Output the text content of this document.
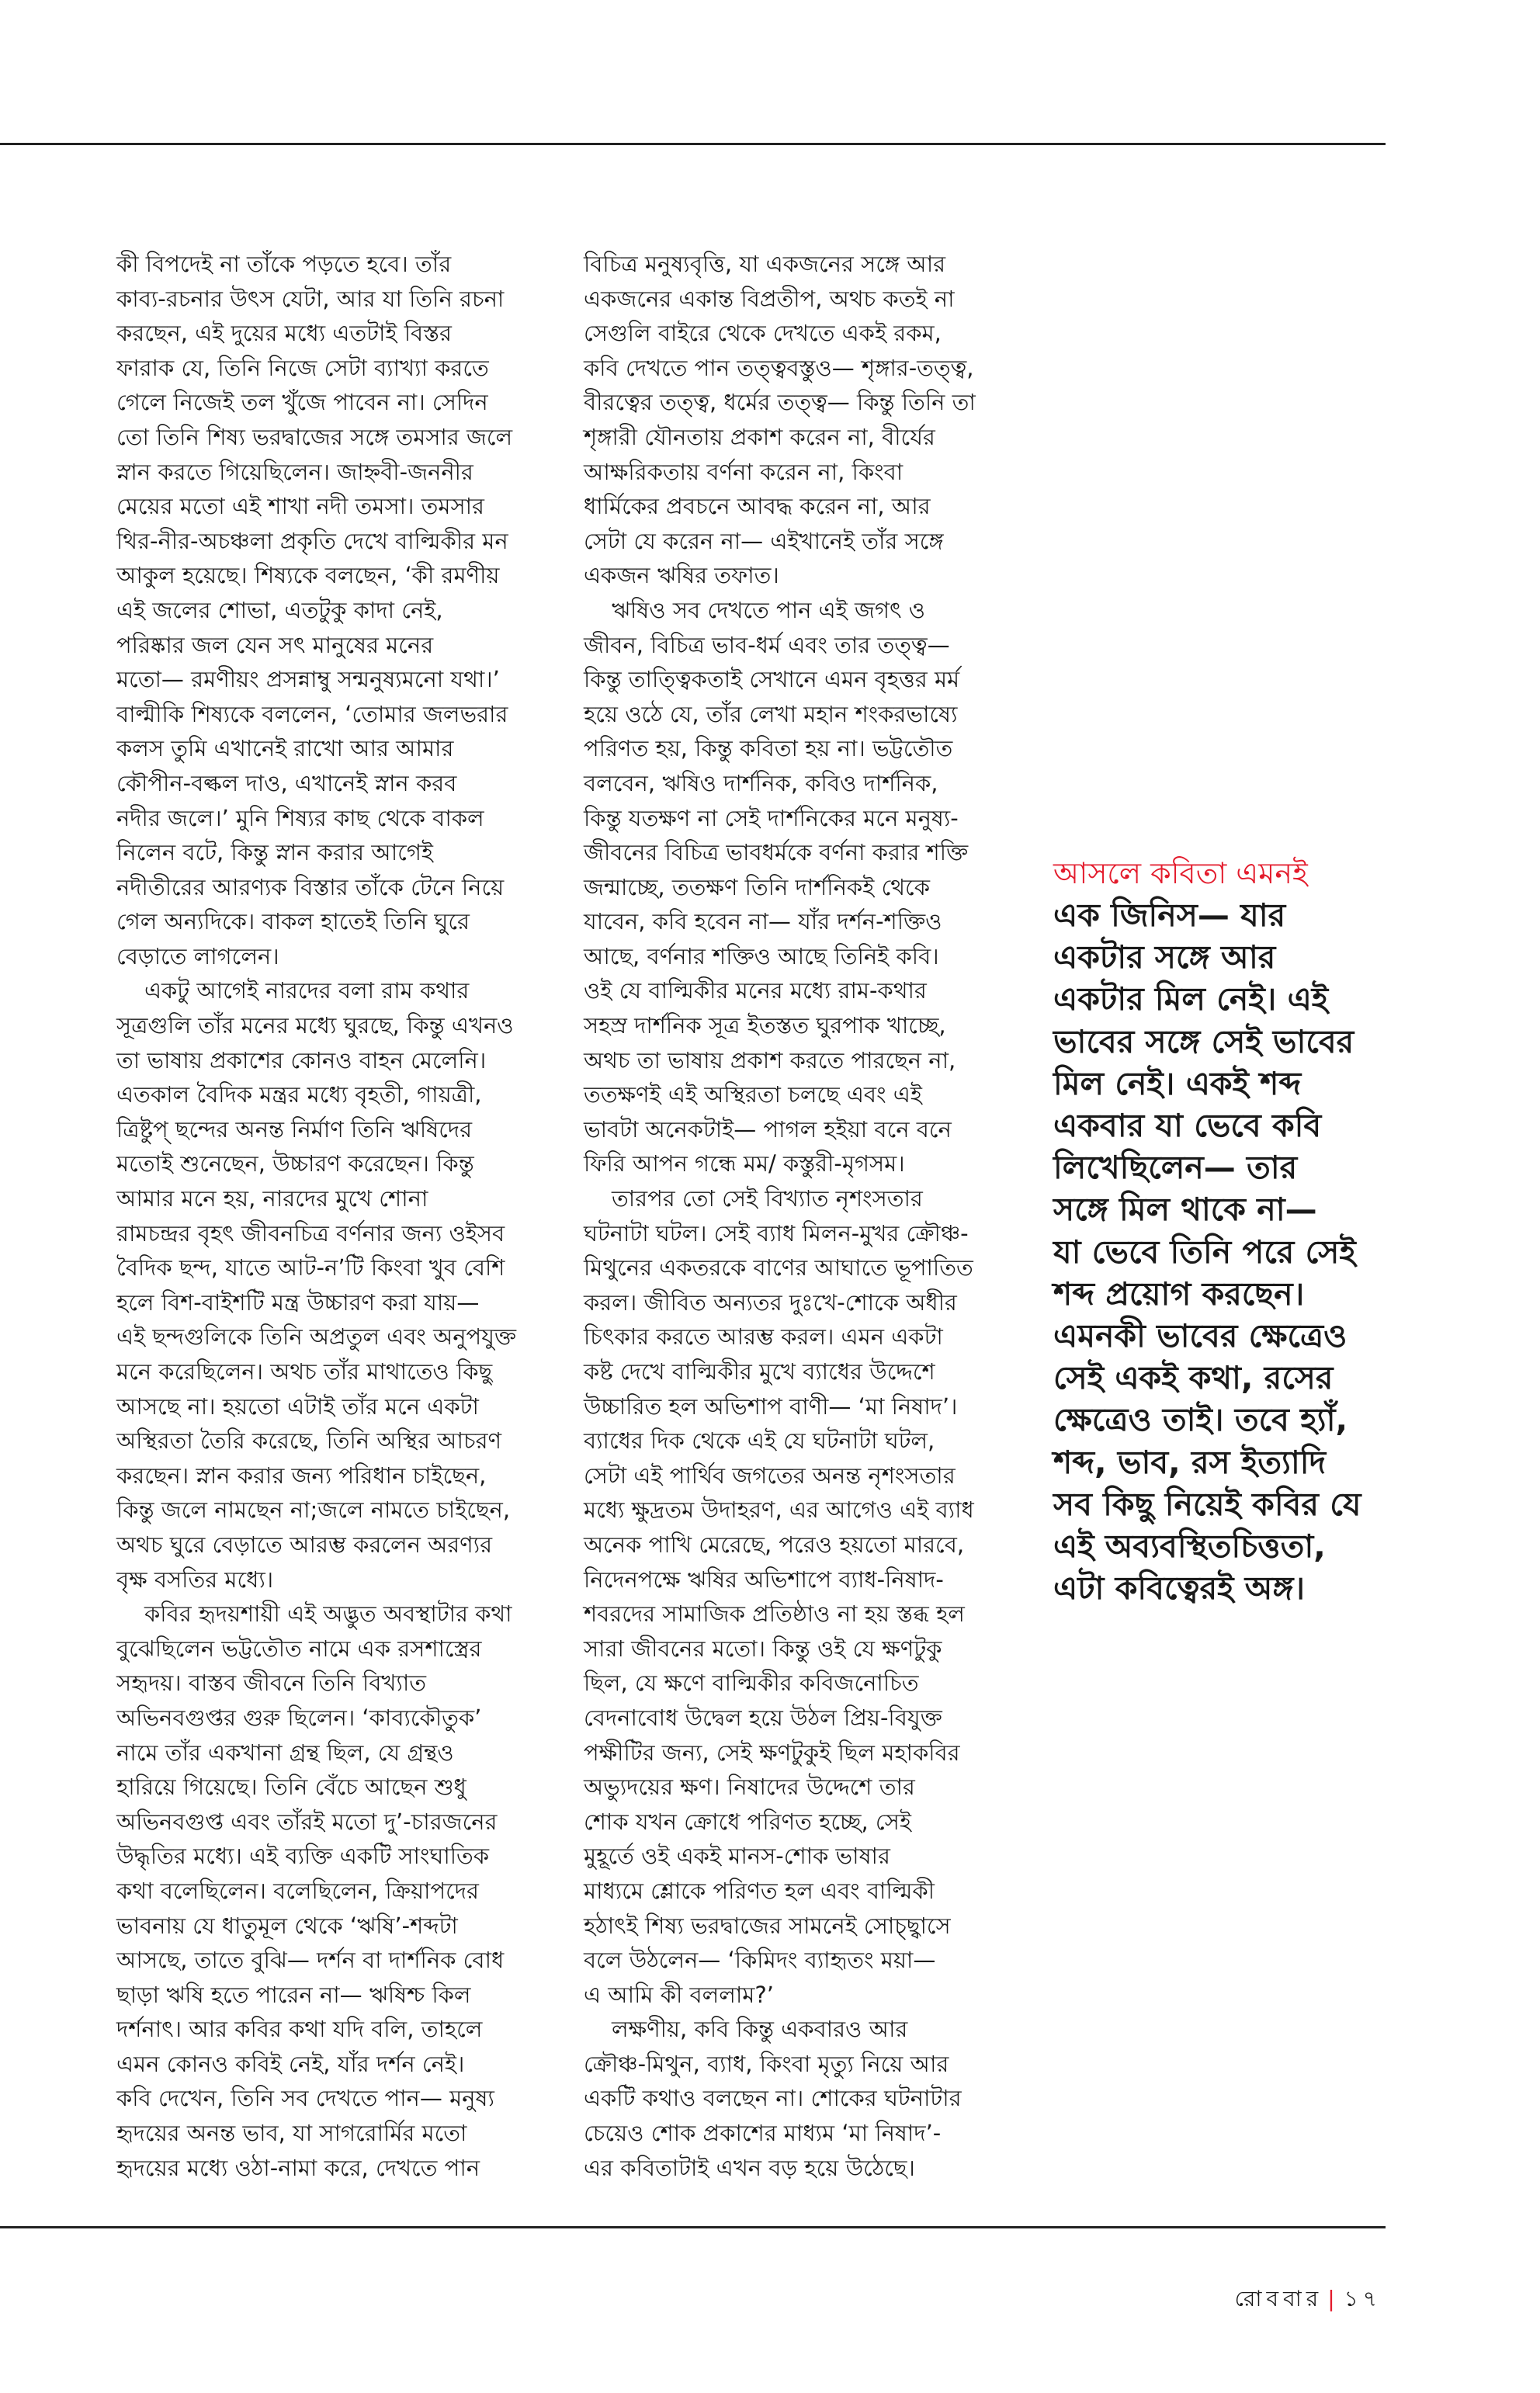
কী বিপদেই না তাঁকে পড়তে হবে। তাঁর
কাব্য-রচনার উৎস যেটা, আর যা তিনি রচনা
করছেন, এই দুয়ের মধ্যে এতটাই বিস্তর
ফারাক যে, তিনি নিজে সেটা ব্যাখ্যা করতে
গেলে নিজেই তল খুঁজে পাবেন না। সেদিন
তো তিনি শিষ্য ভরদ্বাজের সঙ্গে তমসার জলে
স্নান করতে গিয়েছিলেন। জাহ্নবী-জননীর
মেয়ের মতো এই শাখা নদী তমসা। তমসার
থির-নীর-অচঞ্চলা প্রকৃতি দেখে বাল্মিকীর মন
আকুল হয়েছে। শিষ্যকে বলছেন, ‘কী রমণীয়
এই জলের শোভা, এতটুকু কাদা নেই,
পরিষ্কার জল যেন সৎ মানুষের মনের
মতো— রমণীয়ং প্রসন্নাম্বু সন্মনুষ্যমনো যথা।’
বাল্মীকি শিষ্যকে বললেন, ‘তোমার জলভরার
কলস তুমি এখানেই রাখো আর আমার
কৌপীন-বল্কল দাও, এখানেই স্নান করব
নদীর জলে।’ মুনি শিষ্যর কাছ থেকে বাকল
নিলেন বটে, কিন্তু স্নান করার আগেই
নদীতীরের আরণ্যক বিস্তার তাঁকে টেনে নিয়ে
গেল অন্যদিকে। বাকল হাতেই তিনি ঘুরে
বেড়াতে লাগলেন।
একটু আগেই নারদের বলা রাম কথার
সূত্রগুলি তাঁর মনের মধ্যে ঘুরছে, কিন্তু এখনও
তা ভাষায় প্রকাশের কোনও বাহন মেলেনি।
এতকাল বৈদিক মন্ত্রর মধ্যে বৃহতী, গায়ত্রী,
ত্রিষ্টুপ্ ছন্দের অনন্ত নির্মাণ তিনি ঋষিদের
মতোই শুনেছেন, উচ্চারণ করেছেন। কিন্তু
আমার মনে হয়, নারদের মুখে শোনা
রামচন্দ্রর বৃহৎ জীবনচিত্র বর্ণনার জন্য ওইসব
বৈদিক ছন্দ, যাতে আট-ন’টি কিংবা খুব বেশি
হলে বিশ-বাইশটি মন্ত্র উচ্চারণ করা যায়—
এই ছন্দগুলিকে তিনি অপ্রতুল এবং অনুপযুক্ত
মনে করেছিলেন। অথচ তাঁর মাথাতেও কিছু
আসছে না। হয়তো এটাই তাঁর মনে একটা
অস্থিরতা তৈরি করেছে, তিনি অস্থির আচরণ
করছেন। স্নান করার জন্য পরিধান চাইছেন,
কিন্তু জলে নামছেন না;জলে নামতে চাইছেন,
অথচ ঘুরে বেড়াতে আরম্ভ করলেন অরণ্যর
বৃক্ষ বসতির মধ্যে।
কবির হৃদয়শায়ী এই অদ্ভুত অবস্থাটার কথা
বুঝেছিলেন ভট্টতৌত নামে এক রসশাস্ত্রের
সহৃদয়। বাস্তব জীবনে তিনি বিখ্যাত
অভিনবগুপ্তর গুরু ছিলেন। ‘কাব্যকৌতুক’
নামে তাঁর একখানা গ্রন্থ ছিল, যে গ্রন্থও
হারিয়ে গিয়েছে। তিনি বেঁচে আছেন শুধু
অভিনবগুপ্ত এবং তাঁরই মতো দু’-চারজনের
উদ্ধৃতির মধ্যে। এই ব্যক্তি একটি সাংঘাতিক
কথা বলেছিলেন। বলেছিলেন, ক্রিয়াপদের
ভাবনায় যে ধাতুমূল থেকে ‘ঋষি’-শব্দটা
আসছে, তাতে বুঝি— দর্শন বা দার্শনিক বোধ
ছাড়া ঋষি হতে পারেন না— ঋষিশ্চ কিল
দর্শনাৎ। আর কবির কথা যদি বলি, তাহলে
এমন কোনও কবিই নেই, যাঁর দর্শন নেই।
কবি দেখেন, তিনি সব দেখতে পান— মনুষ্য
হৃদয়ের অনন্ত ভাব, যা সাগরোর্মির মতো
হৃদয়ের মধ্যে ওঠা-নামা করে, দেখতে পান
বিচিত্র মনুষ্যবৃত্তি, যা একজনের সঙ্গে আর
একজনের একান্ত বিপ্রতীপ, অথচ কতই না
সেগুলি বাইরে থেকে দেখতে একই রকম,
কবি দেখতে পান তত্ত্ববস্তুও— শৃঙ্গার-তত্ত্ব,
বীরত্বের তত্ত্ব, ধর্মের তত্ত্ব— কিন্তু তিনি তা
শৃঙ্গারী যৌনতায় প্রকাশ করেন না, বীর্যের
আক্ষরিকতায় বর্ণনা করেন না, কিংবা
ধার্মিকের প্রবচনে আবদ্ধ করেন না, আর
সেটা যে করেন না— এইখানেই তাঁর সঙ্গে
একজন ঋষির তফাত।
ঋষিও সব দেখতে পান এই জগৎ ও
জীবন, বিচিত্র ভাব-ধর্ম এবং তার তত্ত্ব—
কিন্তু তাত্ত্বিকতাই সেখানে এমন বৃহত্তর মর্ম
হয়ে ওঠে যে, তাঁর লেখা মহান শংকরভাষ্যে
পরিণত হয়, কিন্তু কবিতা হয় না। ভট্টতৌত
বলবেন, ঋষিও দার্শনিক, কবিও দার্শনিক,
কিন্তু যতক্ষণ না সেই দার্শনিকের মনে মনুষ্য-
জীবনের বিচিত্র ভাবধর্মকে বর্ণনা করার শক্তি
জন্মাচ্ছে, ততক্ষণ তিনি দার্শনিকই থেকে
যাবেন, কবি হবেন না— যাঁর দর্শন-শক্তিও
আছে, বর্ণনার শক্তিও আছে তিনিই কবি।
ওই যে বাল্মিকীর মনের মধ্যে রাম-কথার
সহস্র দার্শনিক সূত্র ইতস্তত ঘুরপাক খাচ্ছে,
অথচ তা ভাষায় প্রকাশ করতে পারছেন না,
ততক্ষণই এই অস্থিরতা চলছে এবং এই
ভাবটা অনেকটাই— পাগল হইয়া বনে বনে
ফিরি আপন গন্ধে মম/ কস্তুরী-মৃগসম।
তারপর তো সেই বিখ্যাত নৃশংসতার
ঘটনাটা ঘটল। সেই ব্যাধ মিলন-মুখর ক্রৌঞ্চ-
মিথুনের একতরকে বাণের আঘাতে ভূপাতিত
করল। জীবিত অন্যতর দুঃখে-শোকে অধীর
চিৎকার করতে আরম্ভ করল। এমন একটা
কষ্ট দেখে বাল্মিকীর মুখে ব্যাধের উদ্দেশে
উচ্চারিত হল অভিশাপ বাণী— ‘মা নিষাদ’।
ব্যাধের দিক থেকে এই যে ঘটনাটা ঘটল,
সেটা এই পার্থিব জগতের অনন্ত নৃশংসতার
মধ্যে ক্ষুদ্রতম উদাহরণ, এর আগেও এই ব্যাধ
অনেক পাখি মেরেছে, পরেও হয়তো মারবে,
নিদেনপক্ষে ঋষির অভিশাপে ব্যাধ-নিষাদ-
শবরদের সামাজিক প্রতিষ্ঠাও না হয় স্তব্ধ হল
সারা জীবনের মতো। কিন্তু ওই যে ক্ষণটুকু
ছিল, যে ক্ষণে বাল্মিকীর কবিজনোচিত
বেদনাবোধ উদ্বেল হয়ে উঠল প্রিয়-বিযুক্ত
পক্ষীটির জন্য, সেই ক্ষণটুকুই ছিল মহাকবির
অভ্যুদয়ের ক্ষণ। নিষাদের উদ্দেশে তার
শোক যখন ক্রোধে পরিণত হচ্ছে, সেই
মুহূর্তে ওই একই মানস-শোক ভাষার
মাধ্যমে শ্লোকে পরিণত হল এবং বাল্মিকী
হঠাৎই শিষ্য ভরদ্বাজের সামনেই সোচ্ছ্বাসে
বলে উঠলেন— ‘কিমিদং ব্যাহৃতং ময়া—
এ আমি কী বললাম?’
লক্ষণীয়, কবি কিন্তু একবারও আর
ক্রৌঞ্চ-মিথুন, ব্যাধ, কিংবা মৃত্যু নিয়ে আর
একটি কথাও বলছেন না। শোকের ঘটনাটার
চেয়েও শোক প্রকাশের মাধ্যম ‘মা নিষাদ’-
এর কবিতাটাই এখন বড় হয়ে উঠেছে।
আসলে কবিতা এমনই
এক জিনিস— যার
একটার সঙ্গে আর
একটার মিল নেই। এই
ভাবের সঙ্গে সেই ভাবের
মিল নেই। একই শব্দ
একবার যা ভেবে কবি
লিখেছিলেন— তার
সঙ্গে মিল থাকে না—
যা ভেবে তিনি পরে সেই
শব্দ প্রয়োগ করছেন।
এমনকী ভাবের ক্ষেত্রেও
সেই একই কথা, রসের
ক্ষেত্রেও তাই। তবে হ্যাঁ,
শব্দ, ভাব, রস ইত্যাদি
সব কিছু নিয়েই কবির যে
এই অব্যবস্থিতচিত্ততা,
এটা কবিত্বেরই অঙ্গ।
রোববার | ১৭
